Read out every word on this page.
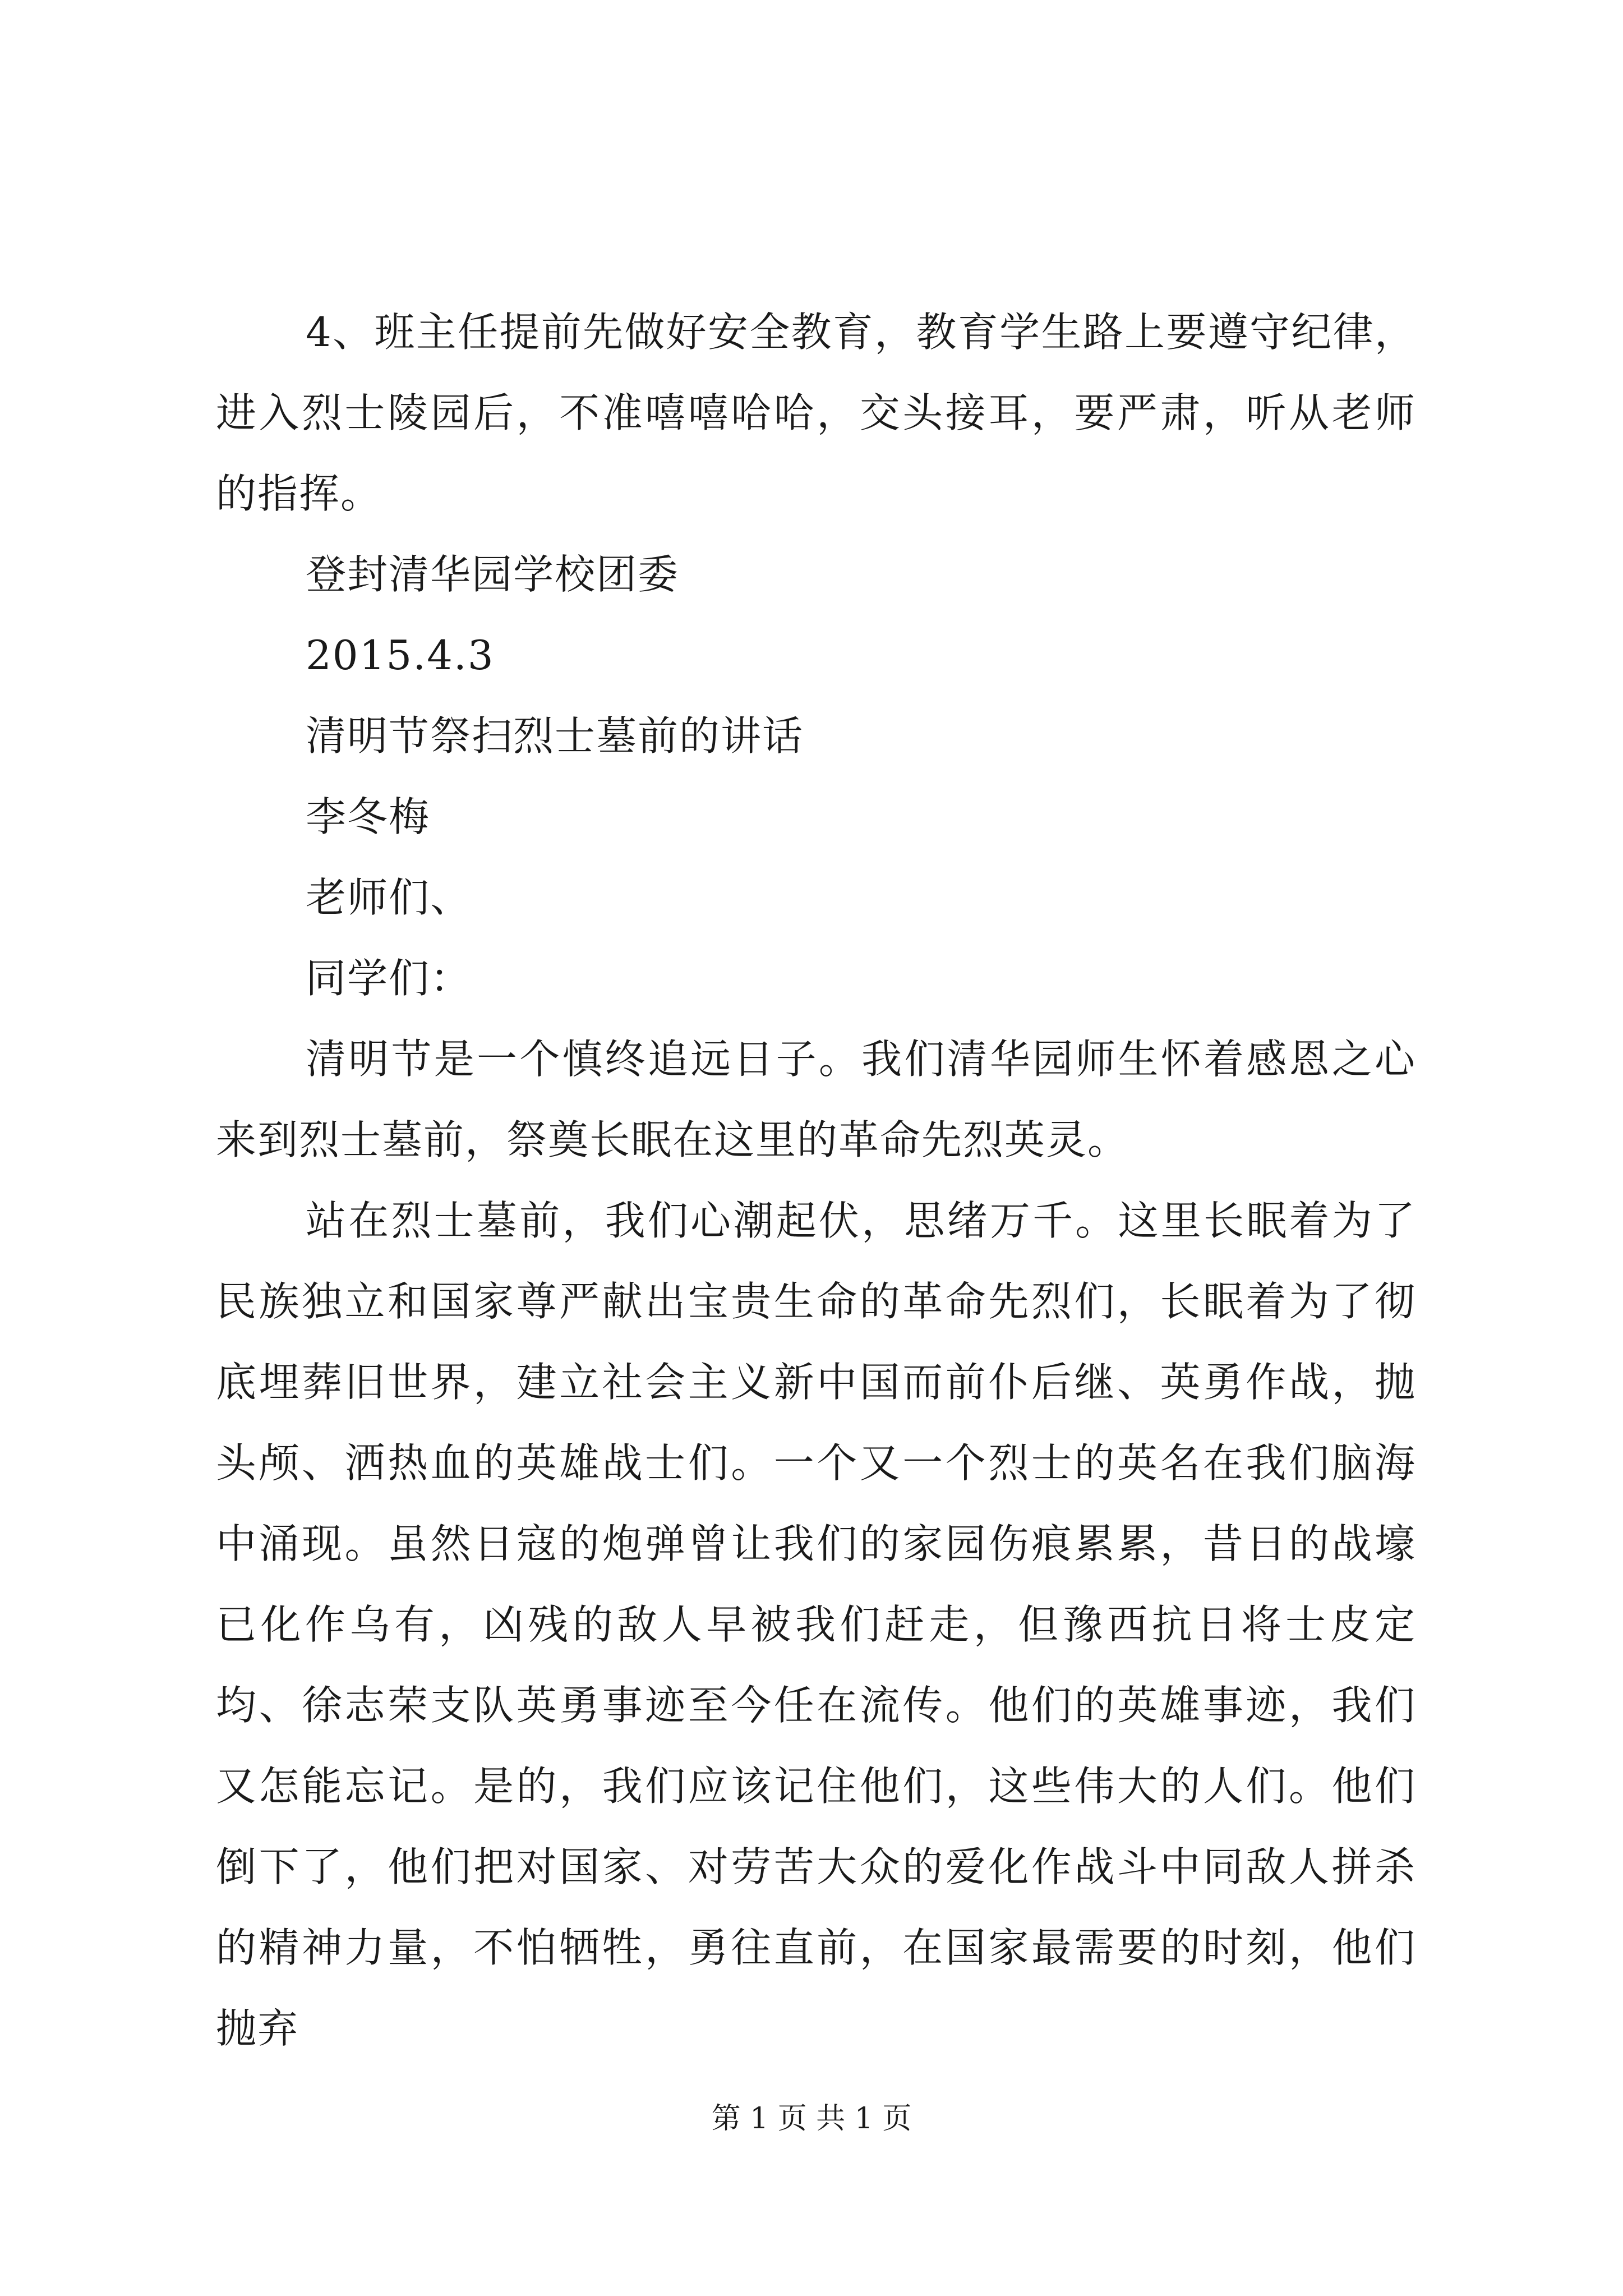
4、班主任提前先做好安全教育，教育学生路上要遵守纪律，进入烈士陵园后，不准嘻嘻哈哈，交头接耳，要严肃，听从老师的指挥。

登封清华园学校团委

2015.4.3

清明节祭扫烈士墓前的讲话

李冬梅

老师们、

同学们：

清明节是一个慎终追远日子。我们清华园师生怀着感恩之心来到烈士墓前，祭奠长眠在这里的革命先烈英灵。

站在烈士墓前，我们心潮起伏，思绪万千。这里长眠着为了民族独立和国家尊严献出宝贵生命的革命先烈们，长眠着为了彻底埋葬旧世界，建立社会主义新中国而前仆后继、英勇作战，抛头颅、洒热血的英雄战士们。一个又一个烈士的英名在我们脑海中涌现。虽然日寇的炮弹曾让我们的家园伤痕累累，昔日的战壕已化作乌有，凶残的敌人早被我们赶走，但豫西抗日将士皮定均、徐志荣支队英勇事迹至今任在流传。他们的英雄事迹，我们又怎能忘记。是的，我们应该记住他们，这些伟大的人们。他们倒下了，他们把对国家、对劳苦大众的爱化作战斗中同敌人拼杀的精神力量，不怕牺牲，勇往直前，在国家最需要的时刻，他们抛弃

第 1 页 共 1 页
